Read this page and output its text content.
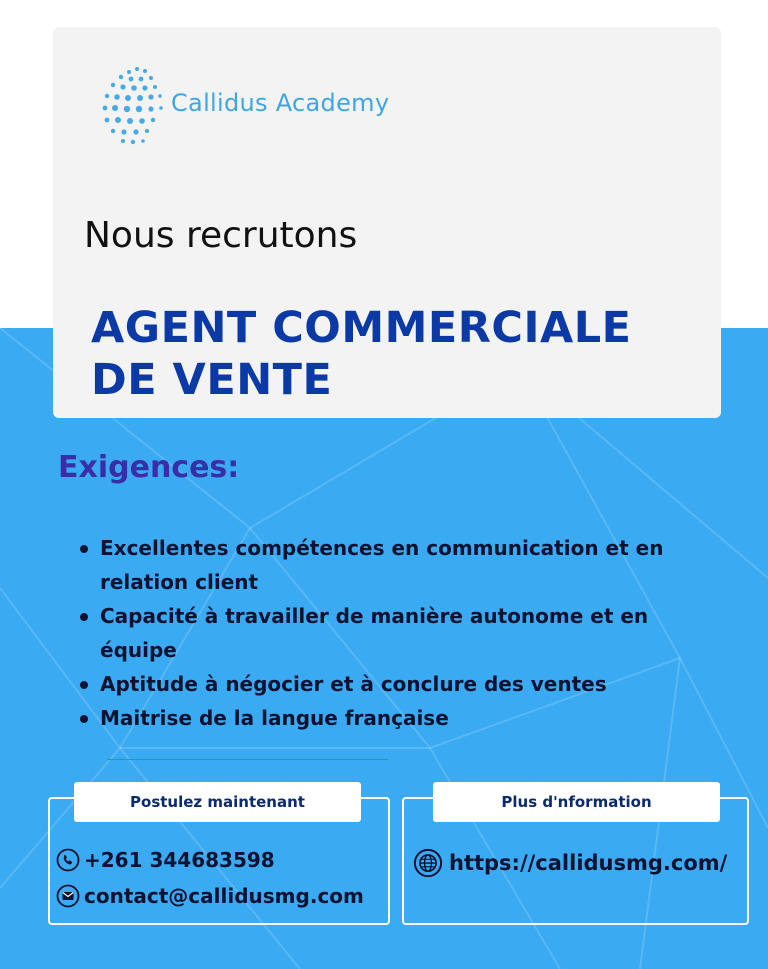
Callidus Academy
Nous recrutons
AGENT COMMERCIALE
DE VENTE
Exigences:
Excellentes compétences en communication et en relation client
Capacité à travailler de manière autonome et en équipe
Aptitude à négocier et à conclure des ventes
Maitrise de la langue française
Postulez maintenant	Plus d'nformation
+261 344683598
contact@callidusmg.com
https://callidusmg.com/
